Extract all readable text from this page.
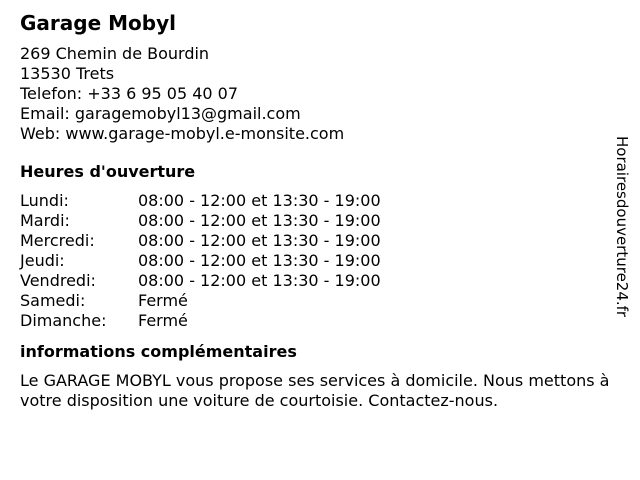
Garage Mobyl
269 Chemin de Bourdin
13530 Trets
Telefon: +33 6 95 05 40 07
Email: garagemobyl13@gmail.com
Web: www.garage-mobyl.e-monsite.com
Heures d'ouverture
Lundi:	08:00 - 12:00 et 13:30 - 19:00
Mardi:	08:00 - 12:00 et 13:30 - 19:00
Mercredi:	08:00 - 12:00 et 13:30 - 19:00
Jeudi:	08:00 - 12:00 et 13:30 - 19:00
Vendredi:	08:00 - 12:00 et 13:30 - 19:00
Samedi:	Fermé
Dimanche:	Fermé
informations complémentaires
Le GARAGE MOBYL vous propose ses services à domicile. Nous mettons à votre disposition une voiture de courtoisie. Contactez-nous.
Horairesdouverture24.fr
